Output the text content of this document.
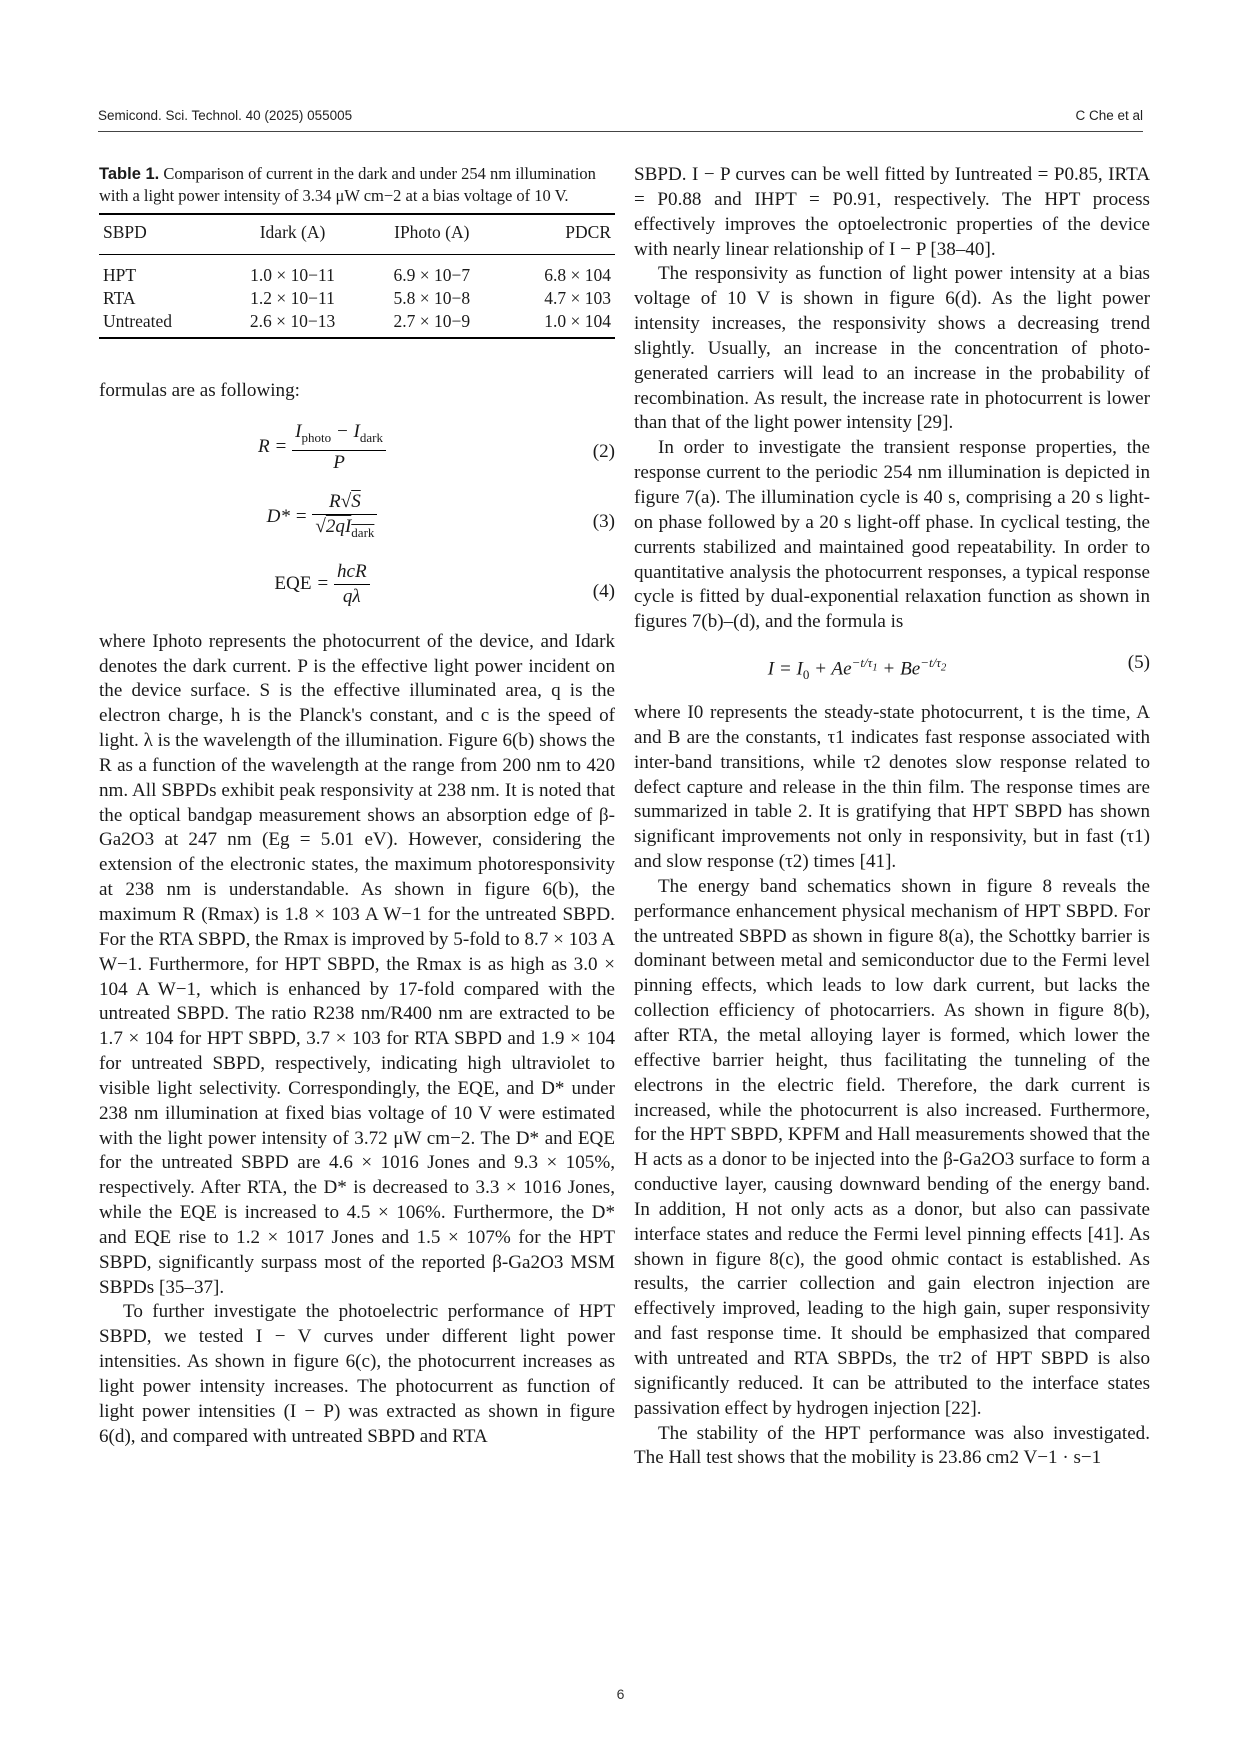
Semicond. Sci. Technol. 40 (2025) 055005	C Che et al
Table 1. Comparison of current in the dark and under 254 nm illumination with a light power intensity of 3.34 μW cm−2 at a bias voltage of 10 V.
SBPD	Idark (A)	IPhoto (A)	PDCR
HPT	1.0 × 10−11	6.9 × 10−7	6.8 × 104
RTA	1.2 × 10−11	5.8 × 10−8	4.7 × 103
Untreated	2.6 × 10−13	2.7 × 10−9	1.0 × 104

formulas are as following:

$R = \frac{I_{photo} - I_{dark}}{P}$	(2)
$D* = \frac{R√S}{√2qI_{dark}}$	(3)
EQE = $\frac{\text{hcR}}{q\lambda}$	(4)

where Iphoto represents the photocurrent of the device, and Idark denotes the dark current. P is the effective light power incident on the device surface. S is the effective illuminated area, q is the electron charge, h is the Planck's constant, and c is the speed of light. λ is the wavelength of the illumination. Figure 6(b) shows the R as a function of the wavelength at the range from 200 nm to 420 nm. All SBPDs exhibit peak responsivity at 238 nm. It is noted that the optical bandgap measurement shows an absorption edge of β-Ga2O3 at 247 nm (Eg = 5.01 eV). However, considering the extension of the electronic states, the maximum photoresponsivity at 238 nm is understandable. As shown in figure 6(b), the maximum R (Rmax) is 1.8 × 103 A W−1 for the untreated SBPD. For the RTA SBPD, the Rmax is improved by 5-fold to 8.7 × 103 A W−1. Furthermore, for HPT SBPD, the Rmax is as high as 3.0 × 104 A W−1, which is enhanced by 17-fold compared with the untreated SBPD. The ratio R238 nm/R400 nm are extracted to be 1.7 × 104 for HPT SBPD, 3.7 × 103 for RTA SBPD and 1.9 × 104 for untreated SBPD, respectively, indicating high ultraviolet to visible light selectivity. Correspondingly, the EQE, and D* under 238 nm illumination at fixed bias voltage of 10 V were estimated with the light power intensity of 3.72 μW cm−2. The D* and EQE for the untreated SBPD are 4.6 × 1016 Jones and 9.3 × 105%, respectively. After RTA, the D* is decreased to 3.3 × 1016 Jones, while the EQE is increased to 4.5 × 106%. Furthermore, the D* and EQE rise to 1.2 × 1017 Jones and 1.5 × 107% for the HPT SBPD, significantly surpass most of the reported β-Ga2O3 MSM SBPDs [35–37].

To further investigate the photoelectric performance of HPT SBPD, we tested I − V curves under different light power intensities. As shown in figure 6(c), the photocurrent increases as light power intensity increases. The photocurrent as function of light power intensities (I − P) was extracted as shown in figure 6(d), and compared with untreated SBPD and RTA

SBPD. I − P curves can be well fitted by Iuntreated = P0.85, IRTA = P0.88 and IHPT = P0.91, respectively. The HPT process effectively improves the optoelectronic properties of the device with nearly linear relationship of I − P [38–40].

The responsivity as function of light power intensity at a bias voltage of 10 V is shown in figure 6(d). As the light power intensity increases, the responsivity shows a decreasing trend slightly. Usually, an increase in the concentration of photo-generated carriers will lead to an increase in the probability of recombination. As result, the increase rate in photocurrent is lower than that of the light power intensity [29].

In order to investigate the transient response properties, the response current to the periodic 254 nm illumination is depicted in figure 7(a). The illumination cycle is 40 s, comprising a 20 s light-on phase followed by a 20 s light-off phase. In cyclical testing, the currents stabilized and maintained good repeatability. In order to quantitative analysis the photocurrent responses, a typical response cycle is fitted by dual-exponential relaxation function as shown in figures 7(b)–(d), and the formula is

$I = I_0 + Ae^{-t/\tau_1} + Be^{-t/\tau_2}$	(5)

where I0 represents the steady-state photocurrent, t is the time, A and B are the constants, τ1 indicates fast response associated with inter-band transitions, while τ2 denotes slow response related to defect capture and release in the thin film. The response times are summarized in table 2. It is gratifying that HPT SBPD has shown significant improvements not only in responsivity, but in fast (τ1) and slow response (τ2) times [41].

The energy band schematics shown in figure 8 reveals the performance enhancement physical mechanism of HPT SBPD. For the untreated SBPD as shown in figure 8(a), the Schottky barrier is dominant between metal and semiconductor due to the Fermi level pinning effects, which leads to low dark current, but lacks the collection efficiency of photocarriers. As shown in figure 8(b), after RTA, the metal alloying layer is formed, which lower the effective barrier height, thus facilitating the tunneling of the electrons in the electric field. Therefore, the dark current is increased, while the photocurrent is also increased. Furthermore, for the HPT SBPD, KPFM and Hall measurements showed that the H acts as a donor to be injected into the β-Ga2O3 surface to form a conductive layer, causing downward bending of the energy band. In addition, H not only acts as a donor, but also can passivate interface states and reduce the Fermi level pinning effects [41]. As shown in figure 8(c), the good ohmic contact is established. As results, the carrier collection and gain electron injection are effectively improved, leading to the high gain, super responsivity and fast response time. It should be emphasized that compared with untreated and RTA SBPDs, the τr2 of HPT SBPD is also significantly reduced. It can be attributed to the interface states passivation effect by hydrogen injection [22].

The stability of the HPT performance was also investigated. The Hall test shows that the mobility is 23.86 cm2 V−1 · s−1

6
